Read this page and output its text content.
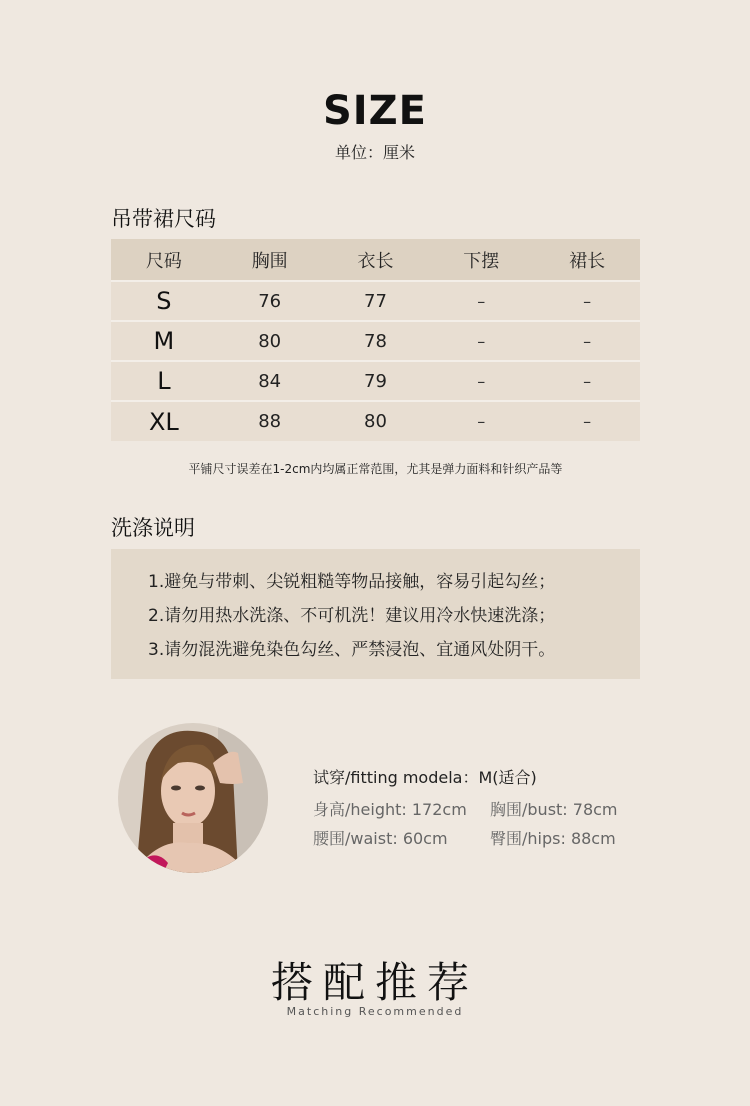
SIZE
单位：厘米
吊带裙尺码
尺码	胸围	衣长	下摆	裙长
S	76	77	–	–
M	80	78	–	–
L	84	79	–	–
XL	88	80	–	–
平铺尺寸误差在1-2cm内均属正常范围，尤其是弹力面料和针织产品等
洗涤说明
1.避免与带刺、尖锐粗糙等物品接触，容易引起勾丝；
2.请勿用热水洗涤、不可机洗！建议用冷水快速洗涤；
3.请勿混洗避免染色勾丝、严禁浸泡、宜通风处阴干。
试穿/fitting modela：M(适合)
身高/height: 172cm 胸围/bust: 78cm
腰围/waist: 60cm	臀围/hips: 88cm
搭配推荐
Matching Recommended
